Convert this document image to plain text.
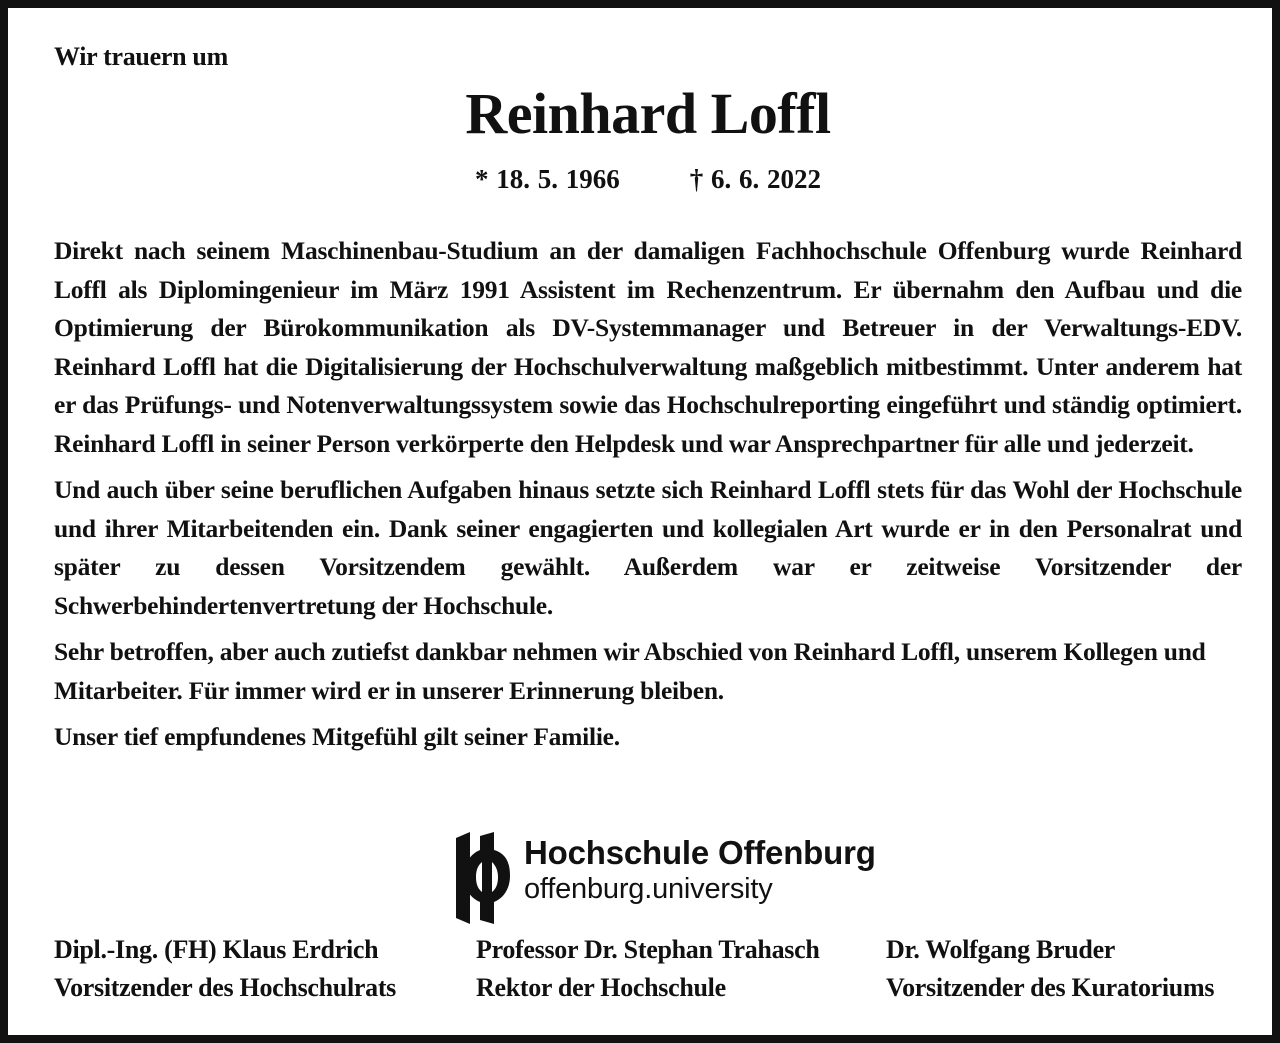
Wir trauern um
Reinhard Loffl
* 18. 5. 1966	† 6. 6. 2022

Direkt nach seinem Maschinenbau-Studium an der damaligen Fachhochschule Offenburg wurde Reinhard Loffl als Diplomingenieur im März 1991 Assistent im Rechenzentrum. Er übernahm den Aufbau und die Optimierung der Bürokommunikation als DV-Systemmanager und Betreuer in der Verwaltungs-EDV. Reinhard Loffl hat die Digitalisierung der Hochschulverwaltung maßgeblich mitbestimmt. Unter anderem hat er das Prüfungs- und Notenverwaltungssystem sowie das Hochschulreporting eingeführt und ständig optimiert. Reinhard Loffl in seiner Person verkörperte den Helpdesk und war Ansprechpartner für alle und jederzeit.

Und auch über seine beruflichen Aufgaben hinaus setzte sich Reinhard Loffl stets für das Wohl der Hochschule und ihrer Mitarbeitenden ein. Dank seiner engagierten und kollegialen Art wurde er in den Personalrat und später zu dessen Vorsitzendem gewählt. Außerdem war er zeitweise Vorsitzender der Schwerbehindertenvertretung der Hochschule.

Sehr betroffen, aber auch zutiefst dankbar nehmen wir Abschied von Reinhard Loffl, unserem Kollegen und Mitarbeiter. Für immer wird er in unserer Erinnerung bleiben.

Unser tief empfundenes Mitgefühl gilt seiner Familie.

Hochschule Offenburg
offenburg.university
Dipl.-Ing. (FH) Klaus Erdrich
Vorsitzender des Hochschulrats
Professor Dr. Stephan Trahasch
Rektor der Hochschule
Dr. Wolfgang Bruder
Vorsitzender des Kuratoriums
